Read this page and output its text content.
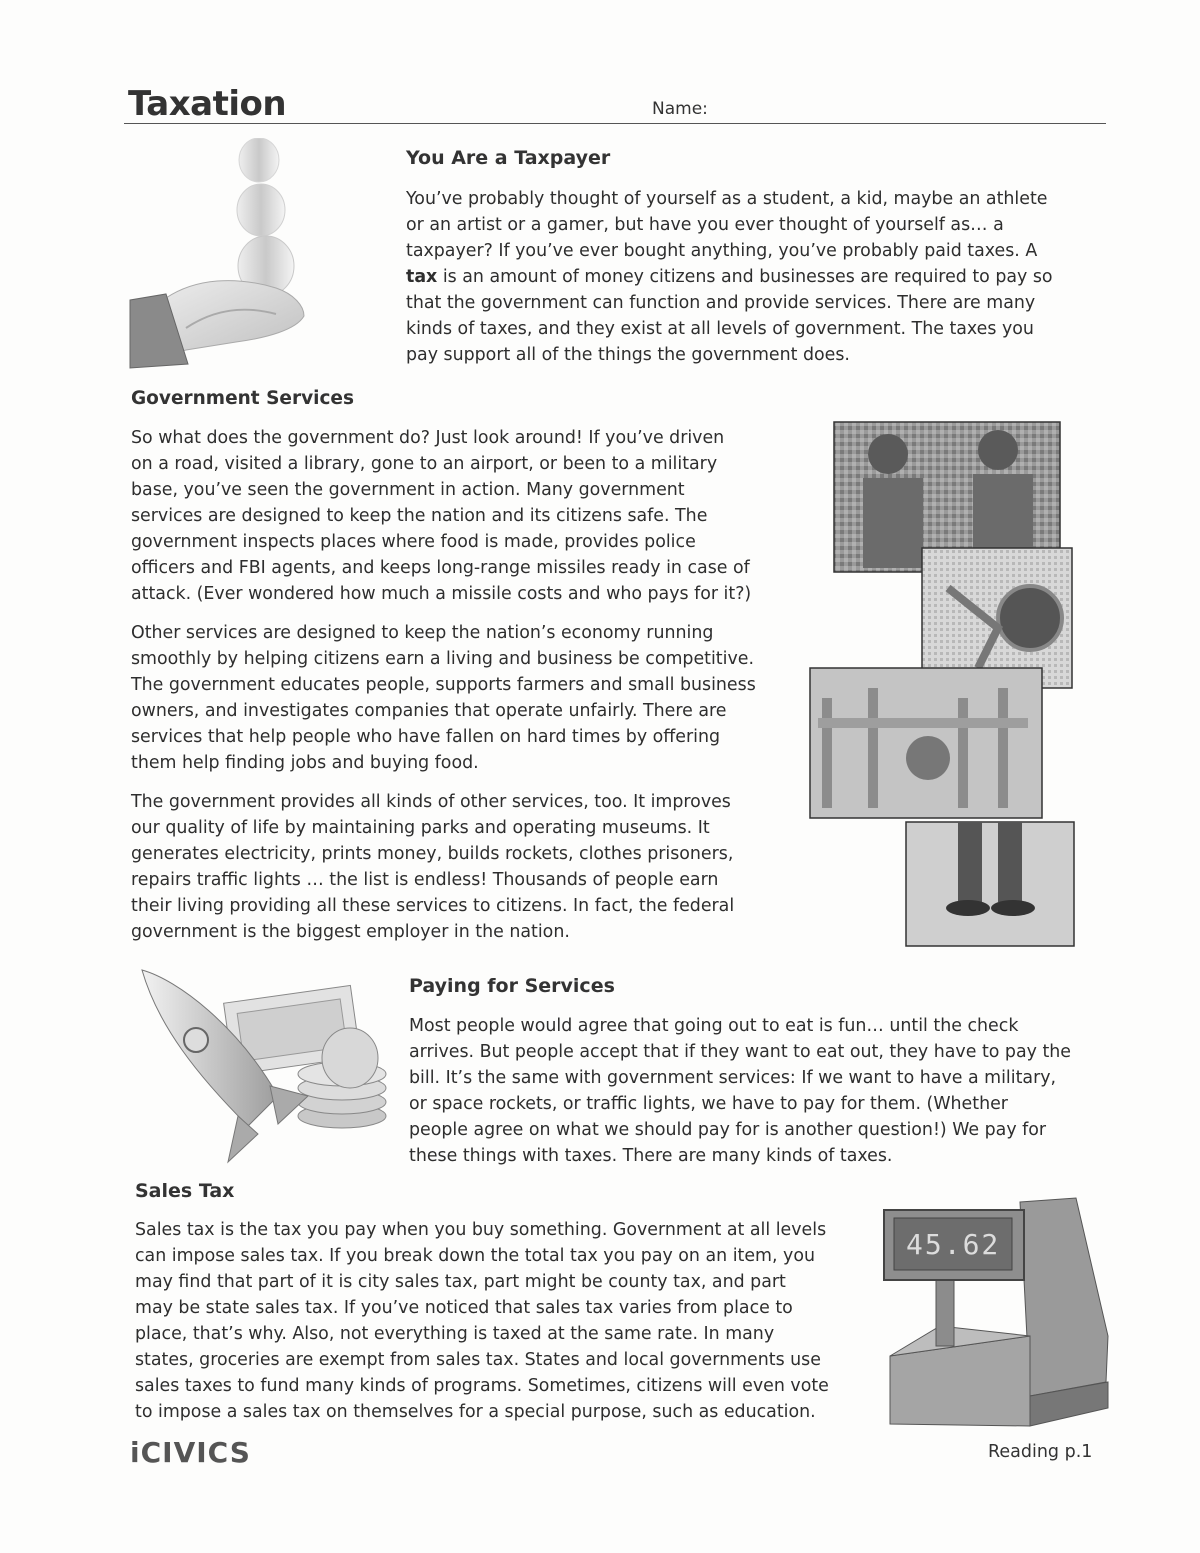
Taxation	Name:
You Are a Taxpayer
You’ve probably thought of yourself as a student, a kid, maybe an athlete
or an artist or a gamer, but have you ever thought of yourself as… a
taxpayer? If you’ve ever bought anything, you’ve probably paid taxes. A
tax is an amount of money citizens and businesses are required to pay so
that the government can function and provide services. There are many
kinds of taxes, and they exist at all levels of government. The taxes you
pay support all of the things the government does.
Government Services
So what does the government do? Just look around! If you’ve driven
on a road, visited a library, gone to an airport, or been to a military
base, you’ve seen the government in action. Many government
services are designed to keep the nation and its citizens safe. The
government inspects places where food is made, provides police
officers and FBI agents, and keeps long-range missiles ready in case of
attack. (Ever wondered how much a missile costs and who pays for it?)
Other services are designed to keep the nation’s economy running
smoothly by helping citizens earn a living and business be competitive.
The government educates people, supports farmers and small business
owners, and investigates companies that operate unfairly. There are
services that help people who have fallen on hard times by offering
them help finding jobs and buying food.
The government provides all kinds of other services, too. It improves
our quality of life by maintaining parks and operating museums. It
generates electricity, prints money, builds rockets, clothes prisoners,
repairs traffic lights … the list is endless! Thousands of people earn
their living providing all these services to citizens. In fact, the federal
government is the biggest employer in the nation.
Paying for Services
Most people would agree that going out to eat is fun… until the check
arrives. But people accept that if they want to eat out, they have to pay the
bill. It’s the same with government services: If we want to have a military,
or space rockets, or traffic lights, we have to pay for them. (Whether
people agree on what we should pay for is another question!) We pay for
these things with taxes. There are many kinds of taxes.
Sales Tax
Sales tax is the tax you pay when you buy something. Government at all levels
can impose sales tax. If you break down the total tax you pay on an item, you
may find that part of it is city sales tax, part might be county tax, and part
may be state sales tax. If you’ve noticed that sales tax varies from place to
place, that’s why. Also, not everything is taxed at the same rate. In many
states, groceries are exempt from sales tax. States and local governments use
sales taxes to fund many kinds of programs. Sometimes, citizens will even vote
to impose a sales tax on themselves for a special purpose, such as education.
45.62
iCIVICS	Reading p.1
